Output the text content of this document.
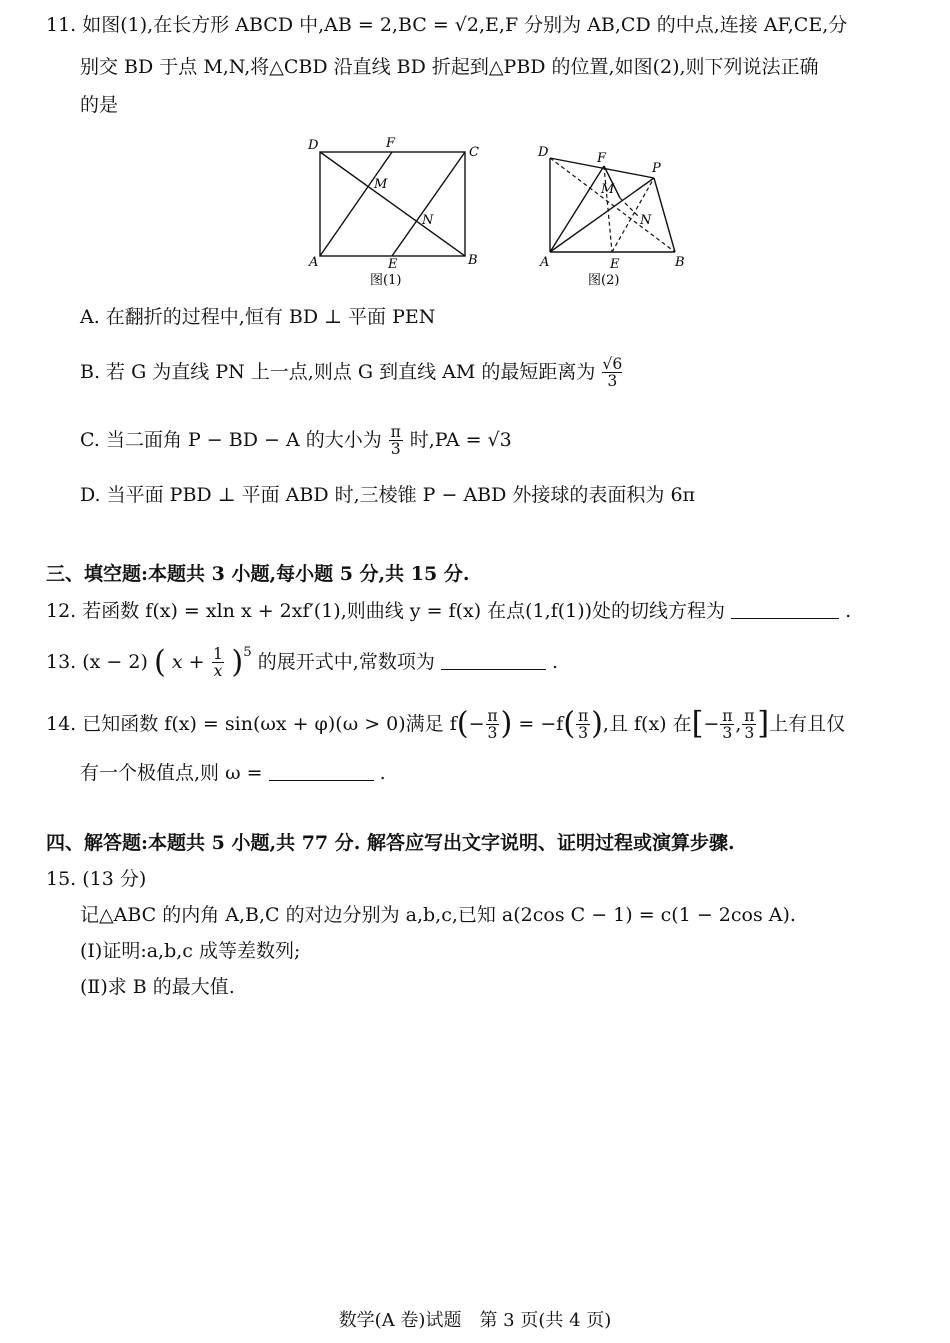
11. 如图(1),在长方形 ABCD 中,AB = 2,BC = √2,E,F 分别为 AB,CD 的中点,连接 AF,CE,分
别交 BD 于点 M,N,将△CBD 沿直线 BD 折起到△PBD 的位置,如图(2),则下列说法正确
的是
D	F
C
A	E	B
M
N
图(1)
D	F
P
A	E	B
M
N
图(2)
A. 在翻折的过程中,恒有 BD ⊥ 平面 PEN
B. 若 G 为直线 PN 上一点,则点 G 到直线 AM 的最短距离为 $\frac{√6}{3}$
C. 当二面角 P − BD − A 的大小为 $\frac{\pi}{3}$ 时,PA = √3
D. 当平面 PBD ⊥ 平面 ABD 时,三棱锥 P − ABD 外接球的表面积为 6π
三、填空题:本题共 3 小题,每小题 5 分,共 15 分.
12. 若函数 f(x) = xln x + 2xf′(1),则曲线 y = f(x) 在点(1,f(1))处的切线方程为	.
13. (x − 2) ( $x + \frac{1}{x} )^5$ 的展开式中,常数项为	.
14. 已知函数 f(x) = sin(ωx + φ)(ω > 0)满足 $f(- \frac{\pi}{3}$ ) = $-f( \frac{\pi}{3}$ ),且 f(x) 在[− $\frac{\pi}{3}$ , $\frac{\pi}{3}$ ]上有且仅
有一个极值点,则 ω =	.
四、解答题:本题共 5 小题,共 77 分. 解答应写出文字说明、证明过程或演算步骤.
15. (13 分)
记△ABC 的内角 A,B,C 的对边分别为 a,b,c,已知 a(2cos C − 1) = c(1 − 2cos A).
(Ⅰ)证明:a,b,c 成等差数列;
(Ⅱ)求 B 的最大值.
数学(A 卷)试题　第 3 页(共 4 页)
